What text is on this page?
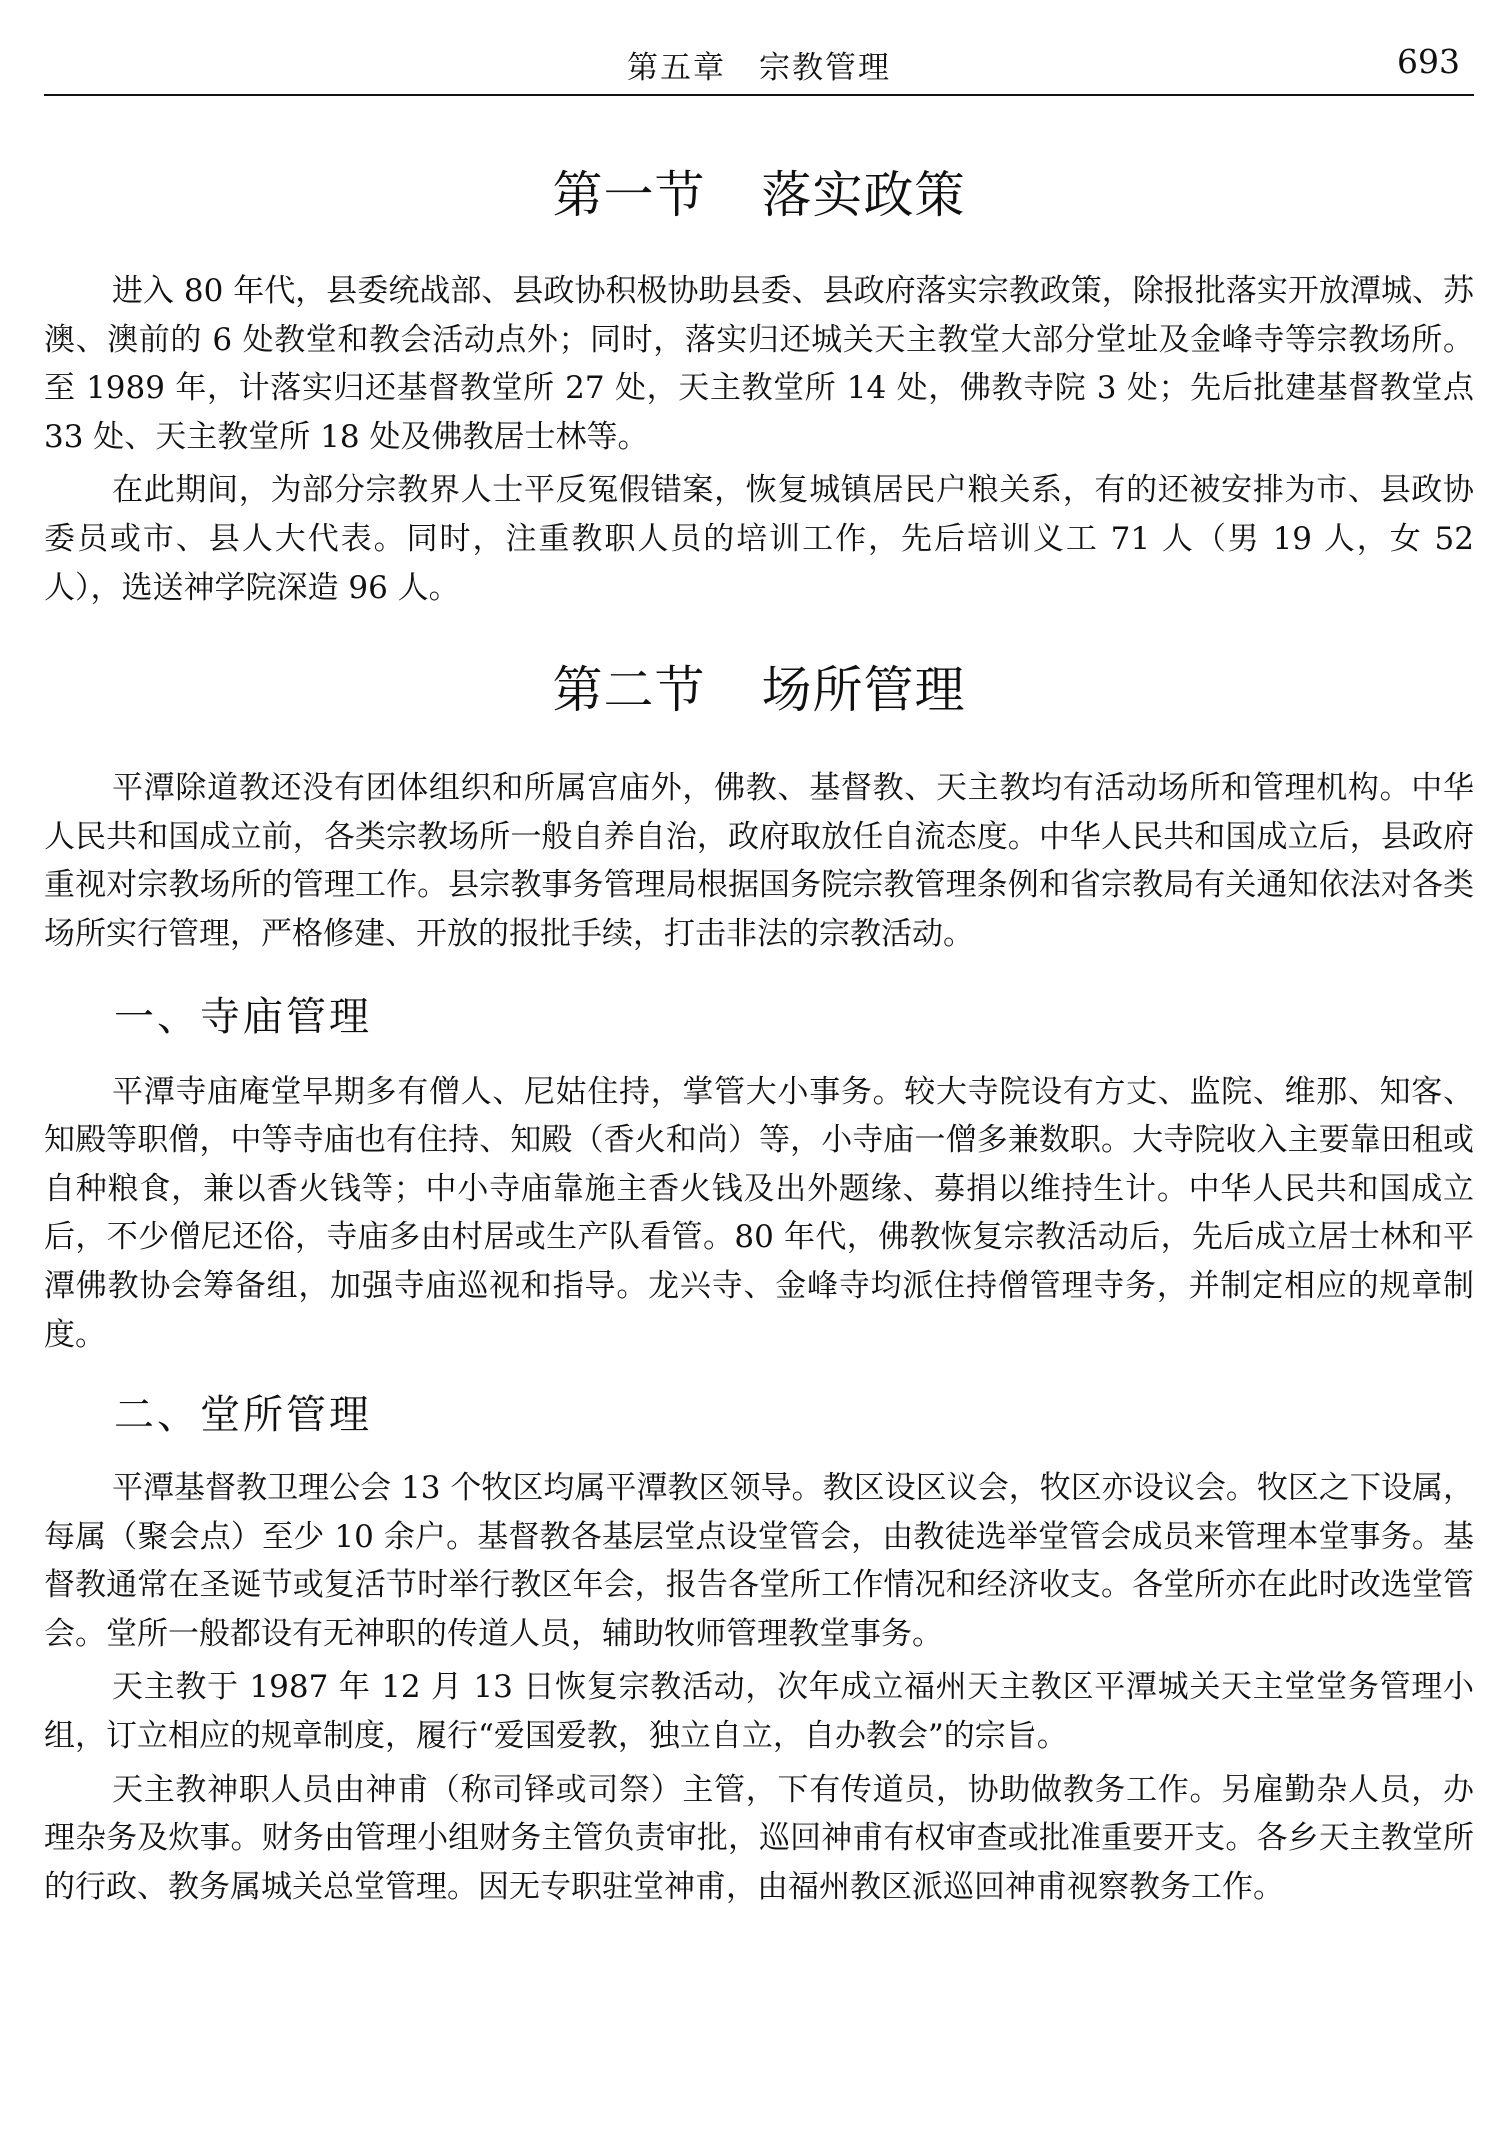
第五章　宗教管理	693
第一节 落实政策

进入 80 年代，县委统战部、县政协积极协助县委、县政府落实宗教政策，除报批落实开放潭城、苏澳、澳前的 6 处教堂和教会活动点外；同时，落实归还城关天主教堂大部分堂址及金峰寺等宗教场所。至 1989 年，计落实归还基督教堂所 27 处，天主教堂所 14 处，佛教寺院 3 处；先后批建基督教堂点 33 处、天主教堂所 18 处及佛教居士林等。

在此期间，为部分宗教界人士平反冤假错案，恢复城镇居民户粮关系，有的还被安排为市、县政协委员或市、县人大代表。同时，注重教职人员的培训工作，先后培训义工 71 人（男 19 人，女 52 人），选送神学院深造 96 人。

第二节 场所管理

平潭除道教还没有团体组织和所属宫庙外，佛教、基督教、天主教均有活动场所和管理机构。中华人民共和国成立前，各类宗教场所一般自养自治，政府取放任自流态度。中华人民共和国成立后，县政府重视对宗教场所的管理工作。县宗教事务管理局根据国务院宗教管理条例和省宗教局有关通知依法对各类场所实行管理，严格修建、开放的报批手续，打击非法的宗教活动。

一、寺庙管理

平潭寺庙庵堂早期多有僧人、尼姑住持，掌管大小事务。较大寺院设有方丈、监院、维那、知客、知殿等职僧，中等寺庙也有住持、知殿（香火和尚）等，小寺庙一僧多兼数职。大寺院收入主要靠田租或自种粮食，兼以香火钱等；中小寺庙靠施主香火钱及出外题缘、募捐以维持生计。中华人民共和国成立后，不少僧尼还俗，寺庙多由村居或生产队看管。80 年代，佛教恢复宗教活动后，先后成立居士林和平潭佛教协会筹备组，加强寺庙巡视和指导。龙兴寺、金峰寺均派住持僧管理寺务，并制定相应的规章制度。

二、堂所管理

平潭基督教卫理公会 13 个牧区均属平潭教区领导。教区设区议会，牧区亦设议会。牧区之下设属，每属（聚会点）至少 10 余户。基督教各基层堂点设堂管会，由教徒选举堂管会成员来管理本堂事务。基督教通常在圣诞节或复活节时举行教区年会，报告各堂所工作情况和经济收支。各堂所亦在此时改选堂管会。堂所一般都设有无神职的传道人员，辅助牧师管理教堂事务。

天主教于 1987 年 12 月 13 日恢复宗教活动，次年成立福州天主教区平潭城关天主堂堂务管理小组，订立相应的规章制度，履行“爱国爱教，独立自立，自办教会”的宗旨。

天主教神职人员由神甫（称司铎或司祭）主管，下有传道员，协助做教务工作。另雇勤杂人员，办理杂务及炊事。财务由管理小组财务主管负责审批，巡回神甫有权审查或批准重要开支。各乡天主教堂所的行政、教务属城关总堂管理。因无专职驻堂神甫，由福州教区派巡回神甫视察教务工作。
